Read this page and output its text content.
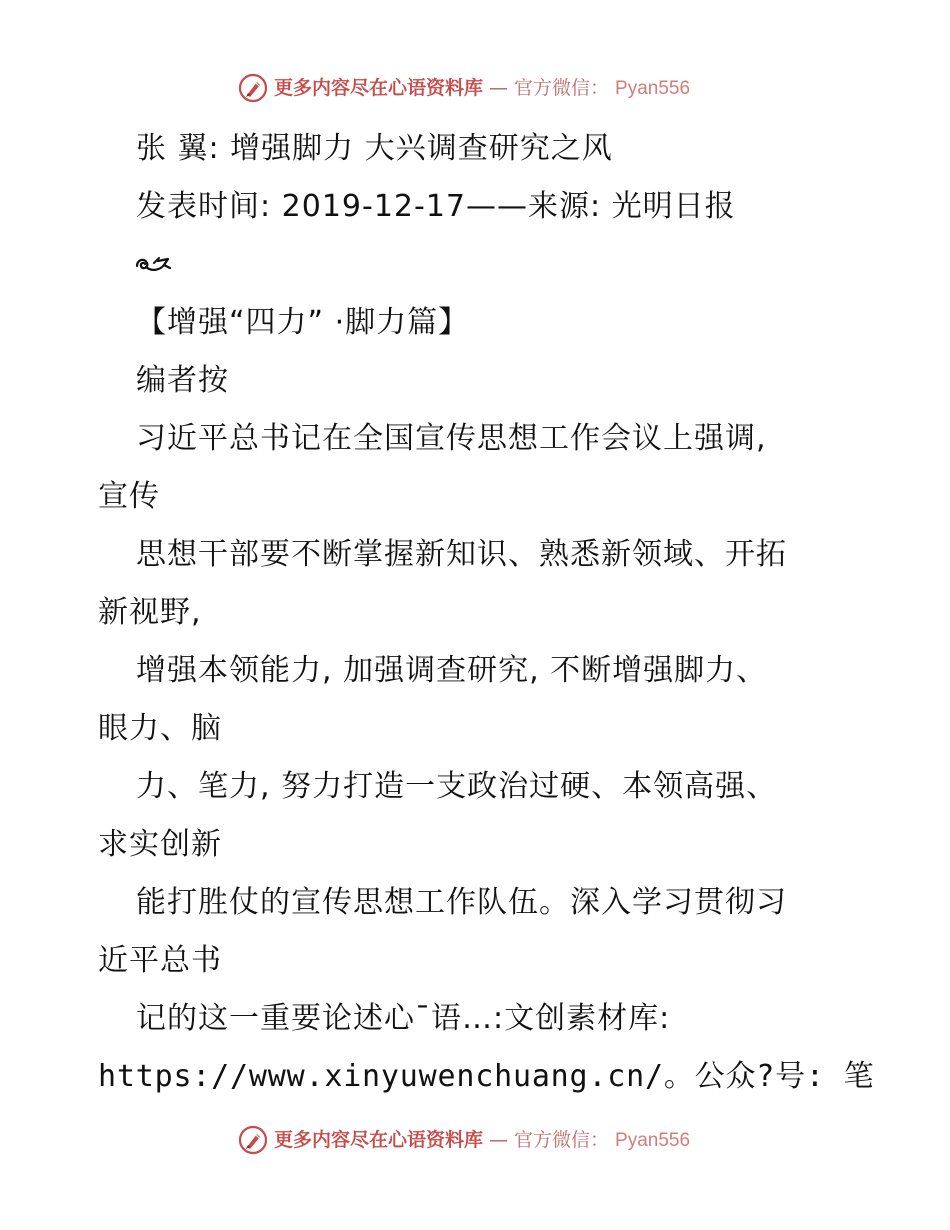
更多内容尽在心语资料库 — 官方微信： Pyan556
张 翼: 增强脚力 大兴调查研究之风
发表时间: 2019-12-17——来源: 光明日报
【增强“四力” ·脚力篇】
编者按
习近平总书记在全国宣传思想工作会议上强调,
宣传
思想干部要不断掌握新知识、熟悉新领域、开拓
新视野,
增强本领能力, 加强调查研究, 不断增强脚力、
眼力、脑
力、笔力, 努力打造一支政治过硬、本领高强、
求实创新
能打胜仗的宣传思想工作队伍。深入学习贯彻习
近平总书
记的这一重要论述心¯语…:文创素材库:
https://www.xinyuwenchuang.cn/。公众?号: 笔
更多内容尽在心语资料库 — 官方微信： Pyan556
